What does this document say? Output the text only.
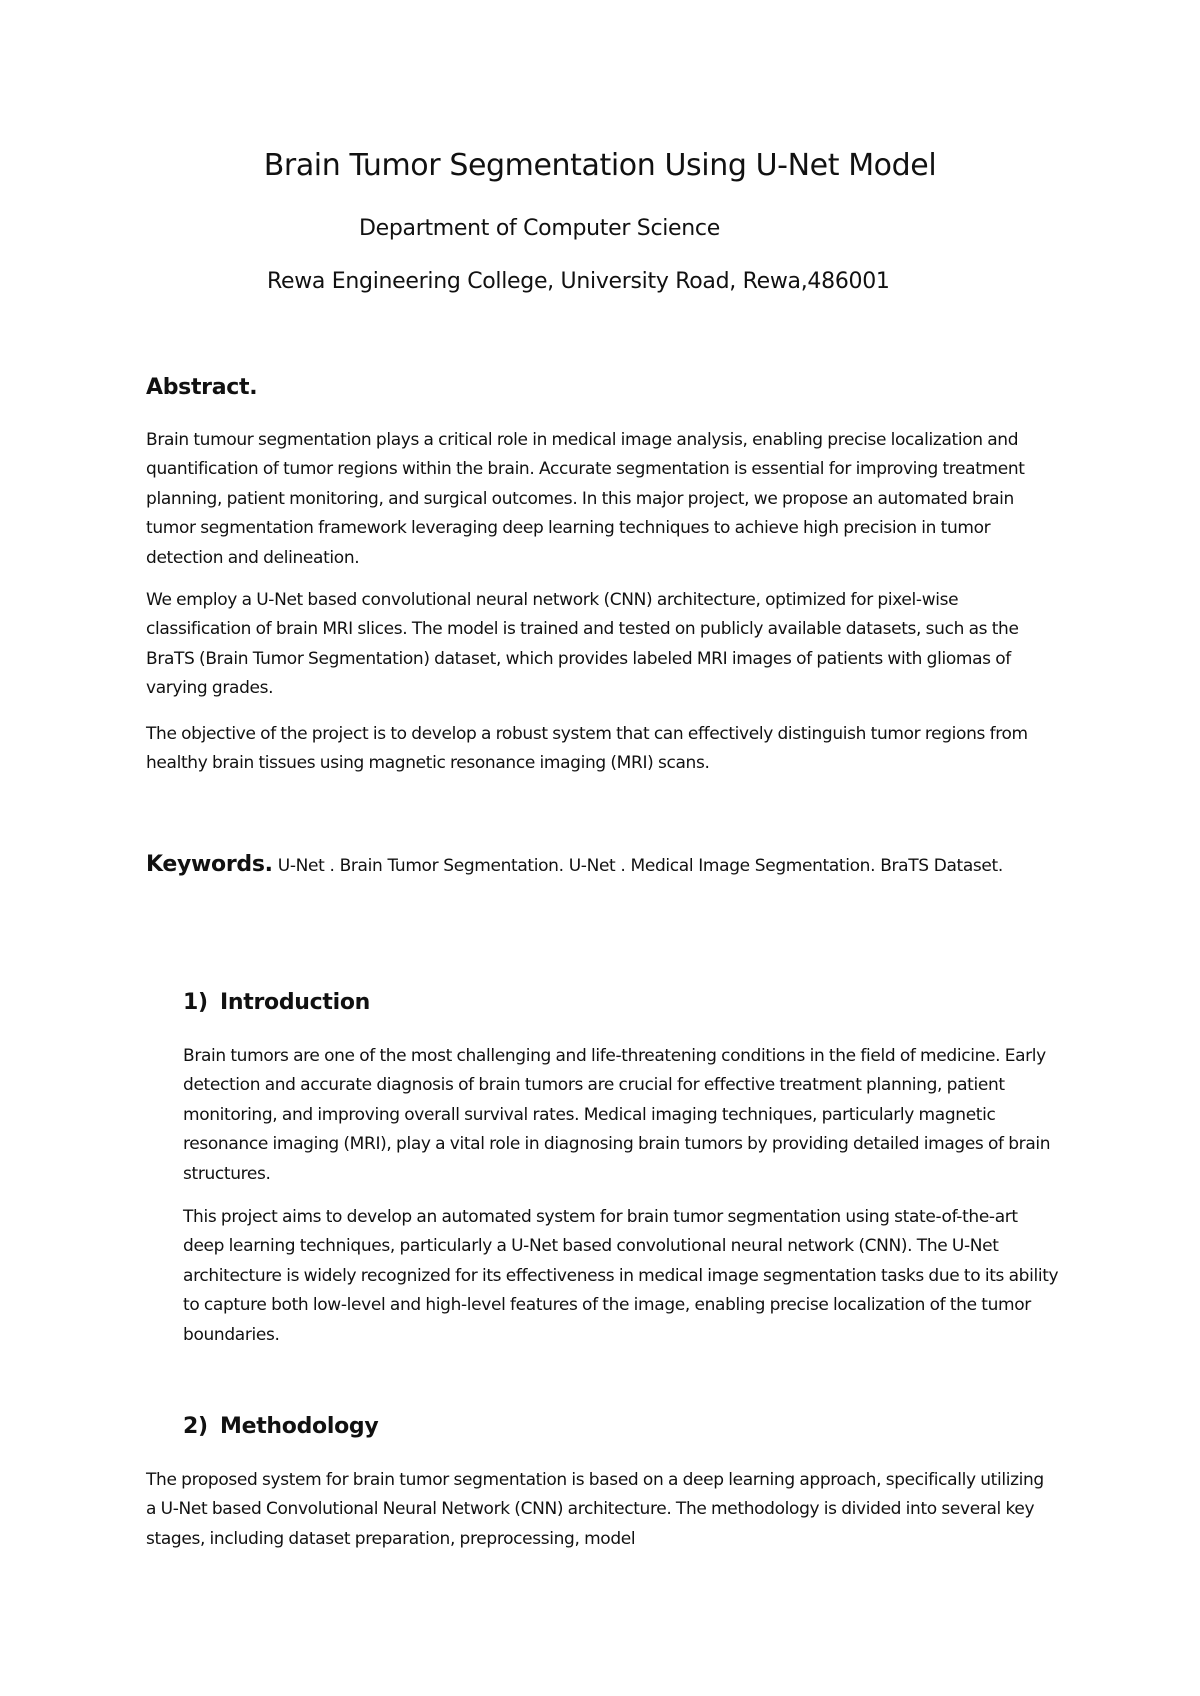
Brain Tumor Segmentation Using U-Net Model
Department of Computer Science
Rewa Engineering College, University Road, Rewa,486001
Abstract.
Brain tumour segmentation plays a critical role in medical image analysis, enabling precise localization and quantification of tumor regions within the brain. Accurate segmentation is essential for improving treatment planning, patient monitoring, and surgical outcomes. In this major project, we propose an automated brain tumor segmentation framework leveraging deep learning techniques to achieve high precision in tumor detection and delineation.
We employ a U-Net based convolutional neural network (CNN) architecture, optimized for pixel-wise classification of brain MRI slices. The model is trained and tested on publicly available datasets, such as the BraTS (Brain Tumor Segmentation) dataset, which provides labeled MRI images of patients with gliomas of varying grades.
The objective of the project is to develop a robust system that can effectively distinguish tumor regions from healthy brain tissues using magnetic resonance imaging (MRI) scans.
Keywords. U-Net . Brain Tumor Segmentation. U-Net . Medical Image Segmentation. BraTS Dataset.
1) Introduction
Brain tumors are one of the most challenging and life-threatening conditions in the field of medicine. Early detection and accurate diagnosis of brain tumors are crucial for effective treatment planning, patient monitoring, and improving overall survival rates. Medical imaging techniques, particularly magnetic resonance imaging (MRI), play a vital role in diagnosing brain tumors by providing detailed images of brain structures.
This project aims to develop an automated system for brain tumor segmentation using state-of-the-art deep learning techniques, particularly a U-Net based convolutional neural network (CNN). The U-Net architecture is widely recognized for its effectiveness in medical image segmentation tasks due to its ability to capture both low-level and high-level features of the image, enabling precise localization of the tumor boundaries.
2) Methodology
The proposed system for brain tumor segmentation is based on a deep learning approach, specifically utilizing a U-Net based Convolutional Neural Network (CNN) architecture. The methodology is divided into several key stages, including dataset preparation, preprocessing, model
